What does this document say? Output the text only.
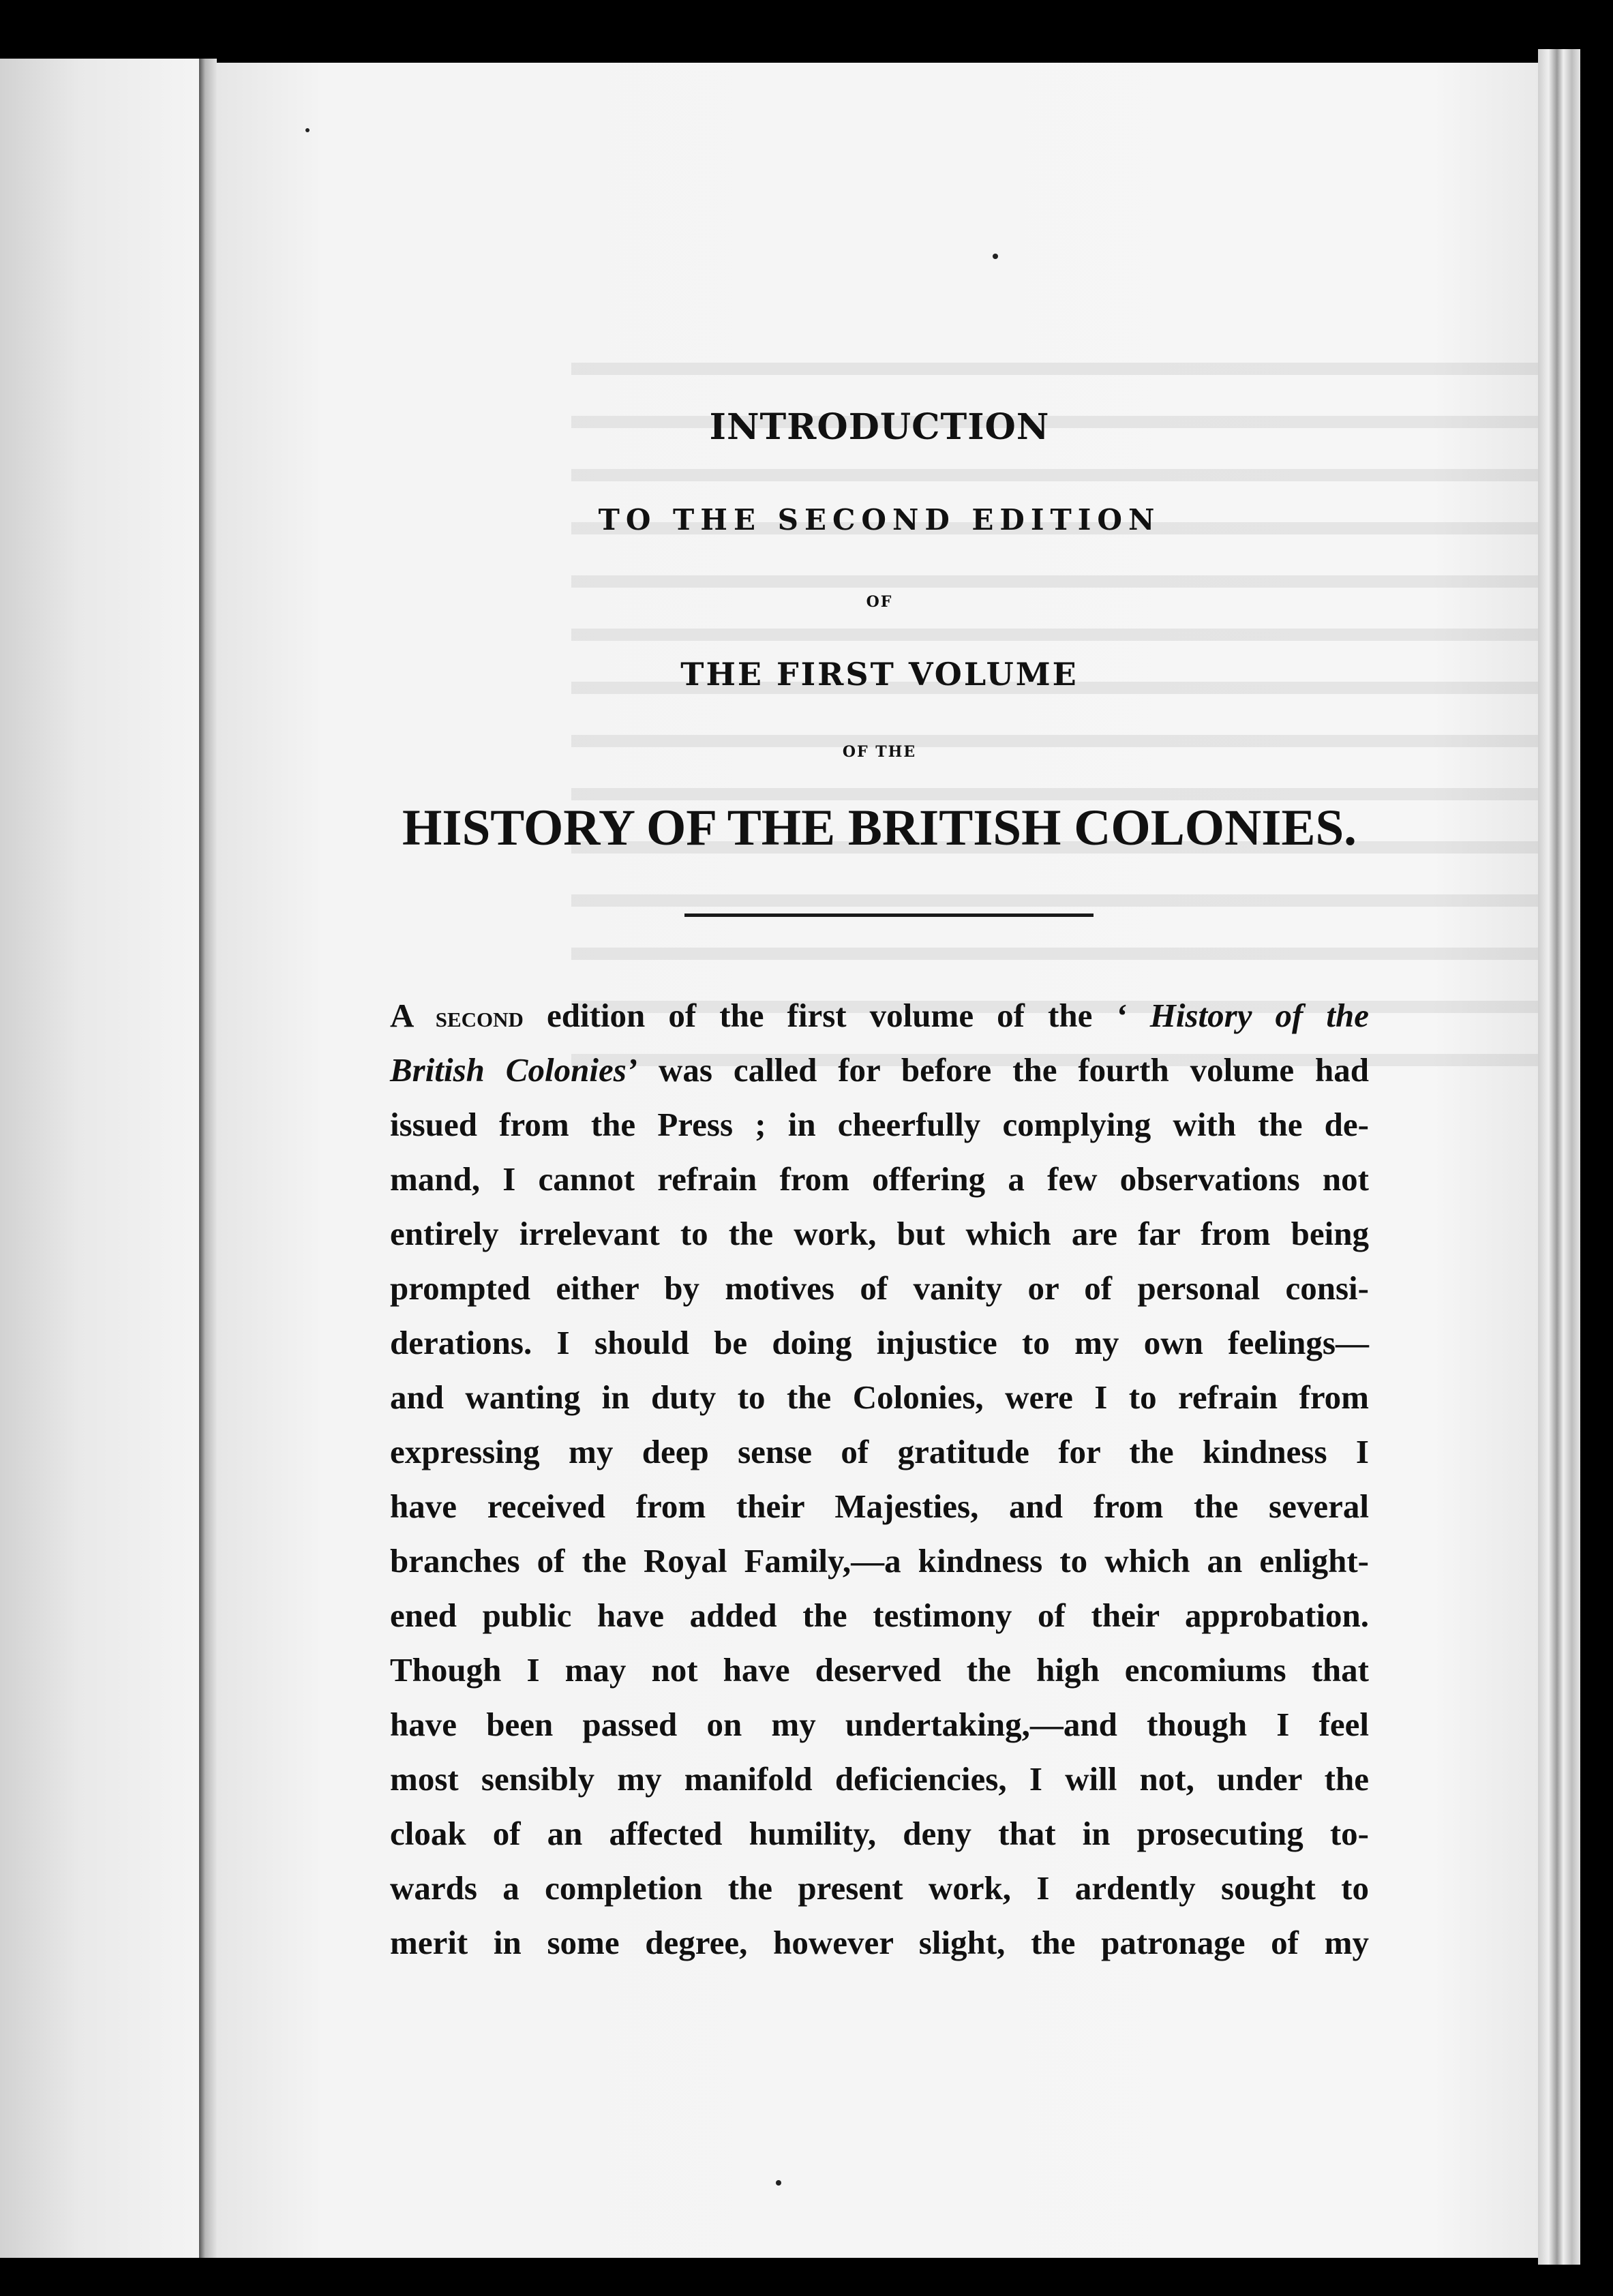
INTRODUCTION
TO THE SECOND EDITION
OF
THE FIRST VOLUME
OF THE
HISTORY OF THE BRITISH COLONIES.
A second edition of the first volume of the ‘ History of the
British Colonies’ was called for before the fourth volume had
issued from the Press ; in cheerfully complying with the de-
mand, I cannot refrain from offering a few observations not
entirely irrelevant to the work, but which are far from being
prompted either by motives of vanity or of personal consi-
derations. I should be doing injustice to my own feelings—
and wanting in duty to the Colonies, were I to refrain from
expressing my deep sense of gratitude for the kindness I
have received from their Majesties, and from the several
branches of the Royal Family,—a kindness to which an enlight-
ened public have added the testimony of their approbation.
Though I may not have deserved the high encomiums that
have been passed on my undertaking,—and though I feel
most sensibly my manifold deficiencies, I will not, under the
cloak of an affected humility, deny that in prosecuting to-
wards a completion the present work, I ardently sought to
merit in some degree, however slight, the patronage of my
